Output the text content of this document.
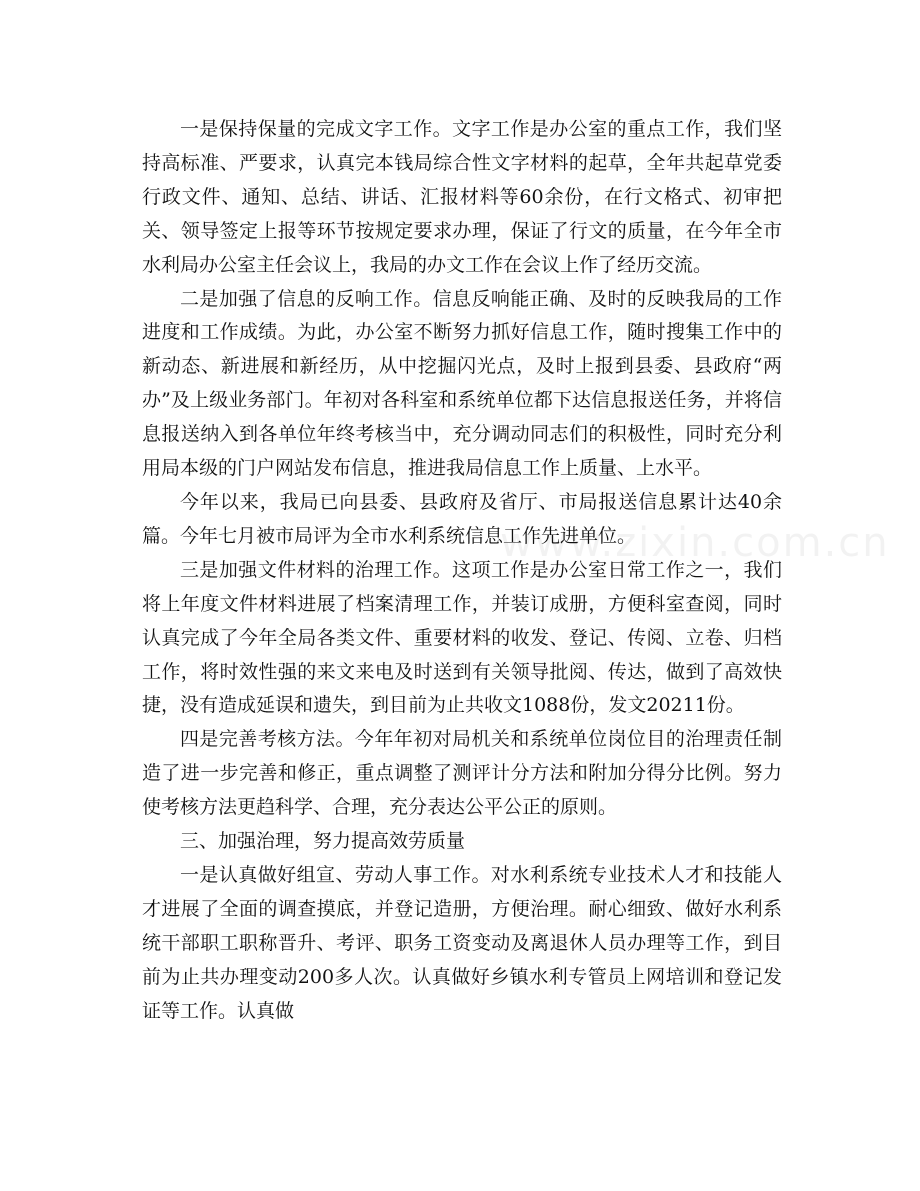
www.zixin.com.cn

一是保持保量的完成文字工作。文字工作是办公室的重点工作，我们坚持高标准、严要求，认真完本钱局综合性文字材料的起草，全年共起草党委行政文件、通知、总结、讲话、汇报材料等60余份，在行文格式、初审把关、领导签定上报等环节按规定要求办理，保证了行文的质量，在今年全市水利局办公室主任会议上，我局的办文工作在会议上作了经历交流。

二是加强了信息的反响工作。信息反响能正确、及时的反映我局的工作进度和工作成绩。为此，办公室不断努力抓好信息工作，随时搜集工作中的新动态、新进展和新经历，从中挖掘闪光点，及时上报到县委、县政府“两办”及上级业务部门。年初对各科室和系统单位都下达信息报送任务，并将信息报送纳入到各单位年终考核当中，充分调动同志们的积极性，同时充分利用局本级的门户网站发布信息，推进我局信息工作上质量、上水平。

今年以来，我局已向县委、县政府及省厅、市局报送信息累计达40余篇。今年七月被市局评为全市水利系统信息工作先进单位。

三是加强文件材料的治理工作。这项工作是办公室日常工作之一，我们将上年度文件材料进展了档案清理工作，并装订成册，方便科室查阅，同时认真完成了今年全局各类文件、重要材料的收发、登记、传阅、立卷、归档工作，将时效性强的来文来电及时送到有关领导批阅、传达，做到了高效快捷，没有造成延误和遗失，到目前为止共收文1088份，发文20211份。

四是完善考核方法。今年年初对局机关和系统单位岗位目的治理责任制造了进一步完善和修正，重点调整了测评计分方法和附加分得分比例。努力使考核方法更趋科学、合理，充分表达公平公正的原则。

三、加强治理，努力提高效劳质量

一是认真做好组宣、劳动人事工作。对水利系统专业技术人才和技能人才进展了全面的调查摸底，并登记造册，方便治理。耐心细致、做好水利系统干部职工职称晋升、考评、职务工资变动及离退休人员办理等工作，到目前为止共办理变动200多人次。认真做好乡镇水利专管员上网培训和登记发证等工作。认真做
